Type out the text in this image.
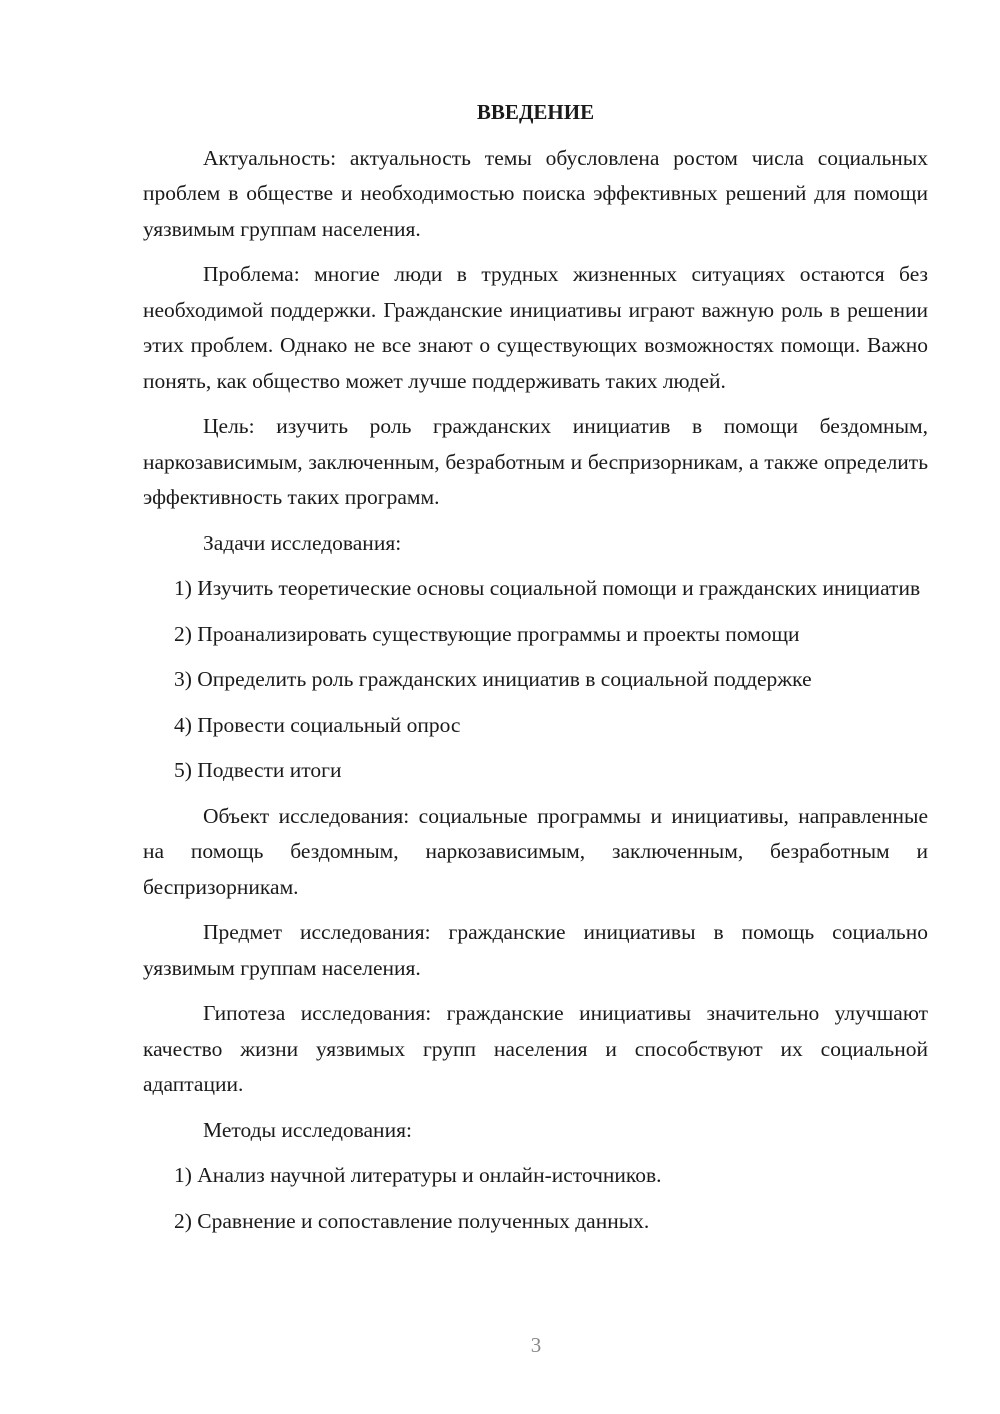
ВВЕДЕНИЕ

Актуальность: актуальность темы обусловлена ростом числа социальных проблем в обществе и необходимостью поиска эффективных решений для помощи уязвимым группам населения.

Проблема: многие люди в трудных жизненных ситуациях остаются без необходимой поддержки. Гражданские инициативы играют важную роль в решении этих проблем. Однако не все знают о существующих возможностях помощи. Важно понять, как общество может лучше поддерживать таких людей.

Цель: изучить роль гражданских инициатив в помощи бездомным, наркозависимым, заключенным, безработным и беспризорникам, а также определить эффективность таких программ.

Задачи исследования:

1) Изучить теоретические основы социальной помощи и гражданских инициатив

2) Проанализировать существующие программы и проекты помощи

3) Определить роль гражданских инициатив в социальной поддержке

4) Провести социальный опрос

5) Подвести итоги

Объект исследования: социальные программы и инициативы, направленные на помощь бездомным, наркозависимым, заключенным, безработным и беспризорникам.

Предмет исследования: гражданские инициативы в помощь социально уязвимым группам населения.

Гипотеза исследования: гражданские инициативы значительно улучшают качество жизни уязвимых групп населения и способствуют их социальной адаптации.

Методы исследования:

1) Анализ научной литературы и онлайн-источников.

2) Сравнение и сопоставление полученных данных.

3
